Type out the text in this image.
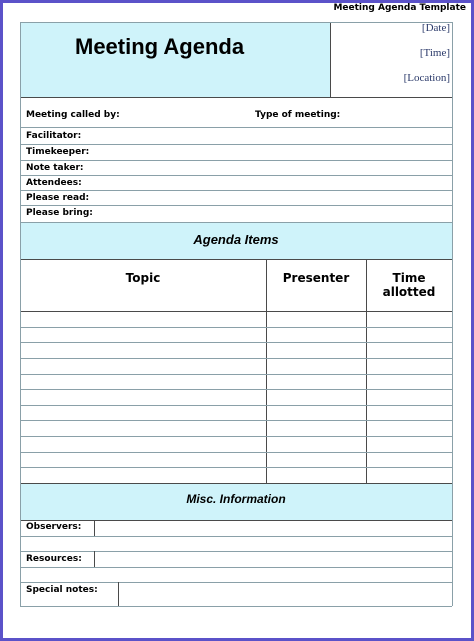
Meeting Agenda Template
Meeting Agenda
[Date]
[Time]
[Location]
Meeting called by:	Type of meeting:
Facilitator:
Timekeeper:
Note taker:
Attendees:
Please read:
Please bring:
Agenda Items
Topic	Presenter	Time allotted
Misc. Information
Observers:
Resources:
Special notes:
